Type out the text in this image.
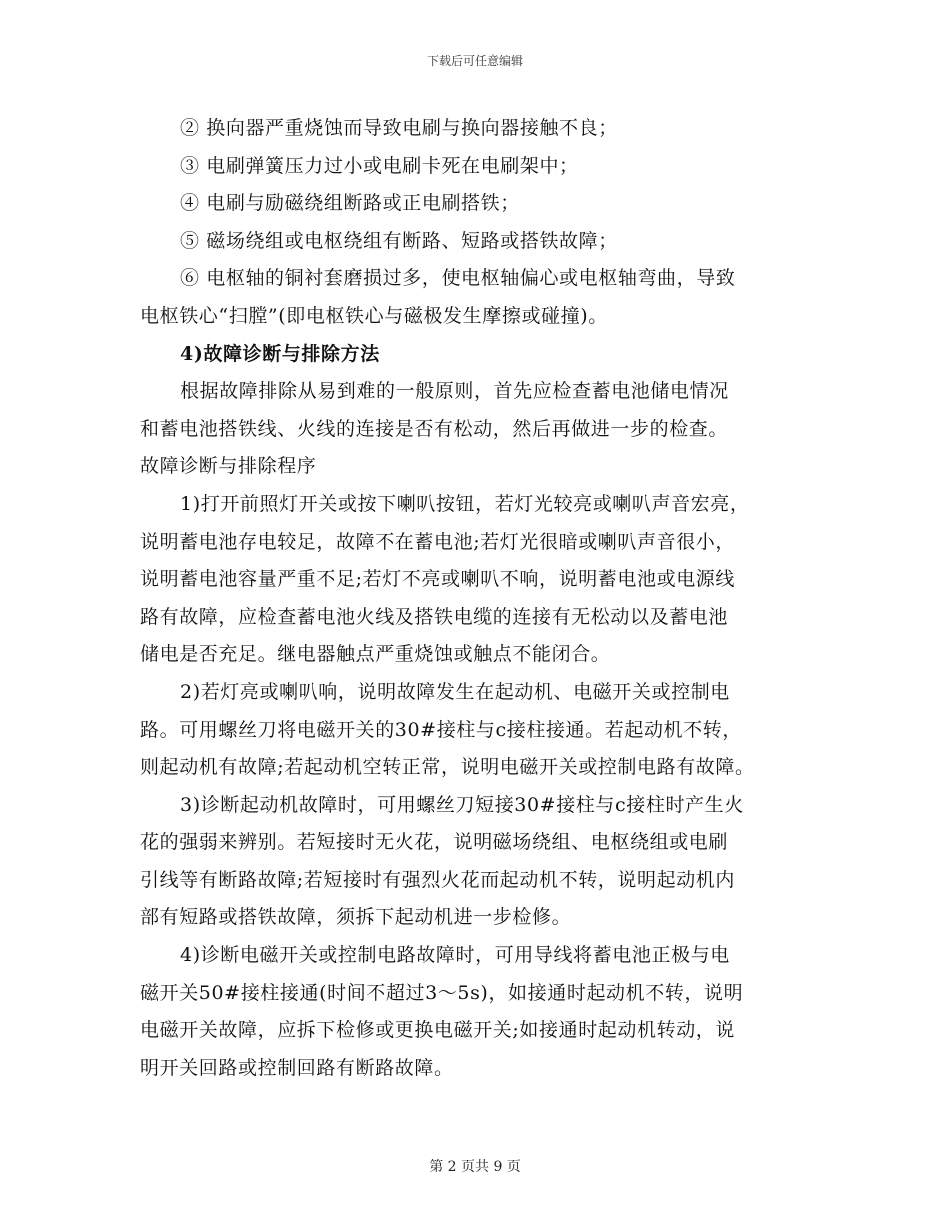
下载后可任意编辑
② 换向器严重烧蚀而导致电刷与换向器接触不良；
③ 电刷弹簧压力过小或电刷卡死在电刷架中；
④ 电刷与励磁绕组断路或正电刷搭铁；
⑤ 磁场绕组或电枢绕组有断路、短路或搭铁故障；
⑥ 电枢轴的铜衬套磨损过多，使电枢轴偏心或电枢轴弯曲，导致
电枢铁心“扫膛”(即电枢铁心与磁极发生摩擦或碰撞)。
4)故障诊断与排除方法
根据故障排除从易到难的一般原则，首先应检查蓄电池储电情况
和蓄电池搭铁线、火线的连接是否有松动，然后再做进一步的检查。
故障诊断与排除程序
1)打开前照灯开关或按下喇叭按钮，若灯光较亮或喇叭声音宏亮，
说明蓄电池存电较足，故障不在蓄电池;若灯光很暗或喇叭声音很小，
说明蓄电池容量严重不足;若灯不亮或喇叭不响，说明蓄电池或电源线
路有故障，应检查蓄电池火线及搭铁电缆的连接有无松动以及蓄电池
储电是否充足。继电器触点严重烧蚀或触点不能闭合。
2)若灯亮或喇叭响，说明故障发生在起动机、电磁开关或控制电
路。可用螺丝刀将电磁开关的30#接柱与c接柱接通。若起动机不转，
则起动机有故障;若起动机空转正常，说明电磁开关或控制电路有故障。
3)诊断起动机故障时，可用螺丝刀短接30#接柱与c接柱时产生火
花的强弱来辨别。若短接时无火花，说明磁场绕组、电枢绕组或电刷
引线等有断路故障;若短接时有强烈火花而起动机不转，说明起动机内
部有短路或搭铁故障，须拆下起动机进一步检修。
4)诊断电磁开关或控制电路故障时，可用导线将蓄电池正极与电
磁开关50#接柱接通(时间不超过3～5s)，如接通时起动机不转，说明
电磁开关故障，应拆下检修或更换电磁开关;如接通时起动机转动，说
明开关回路或控制回路有断路故障。
第 2 页共 9 页
